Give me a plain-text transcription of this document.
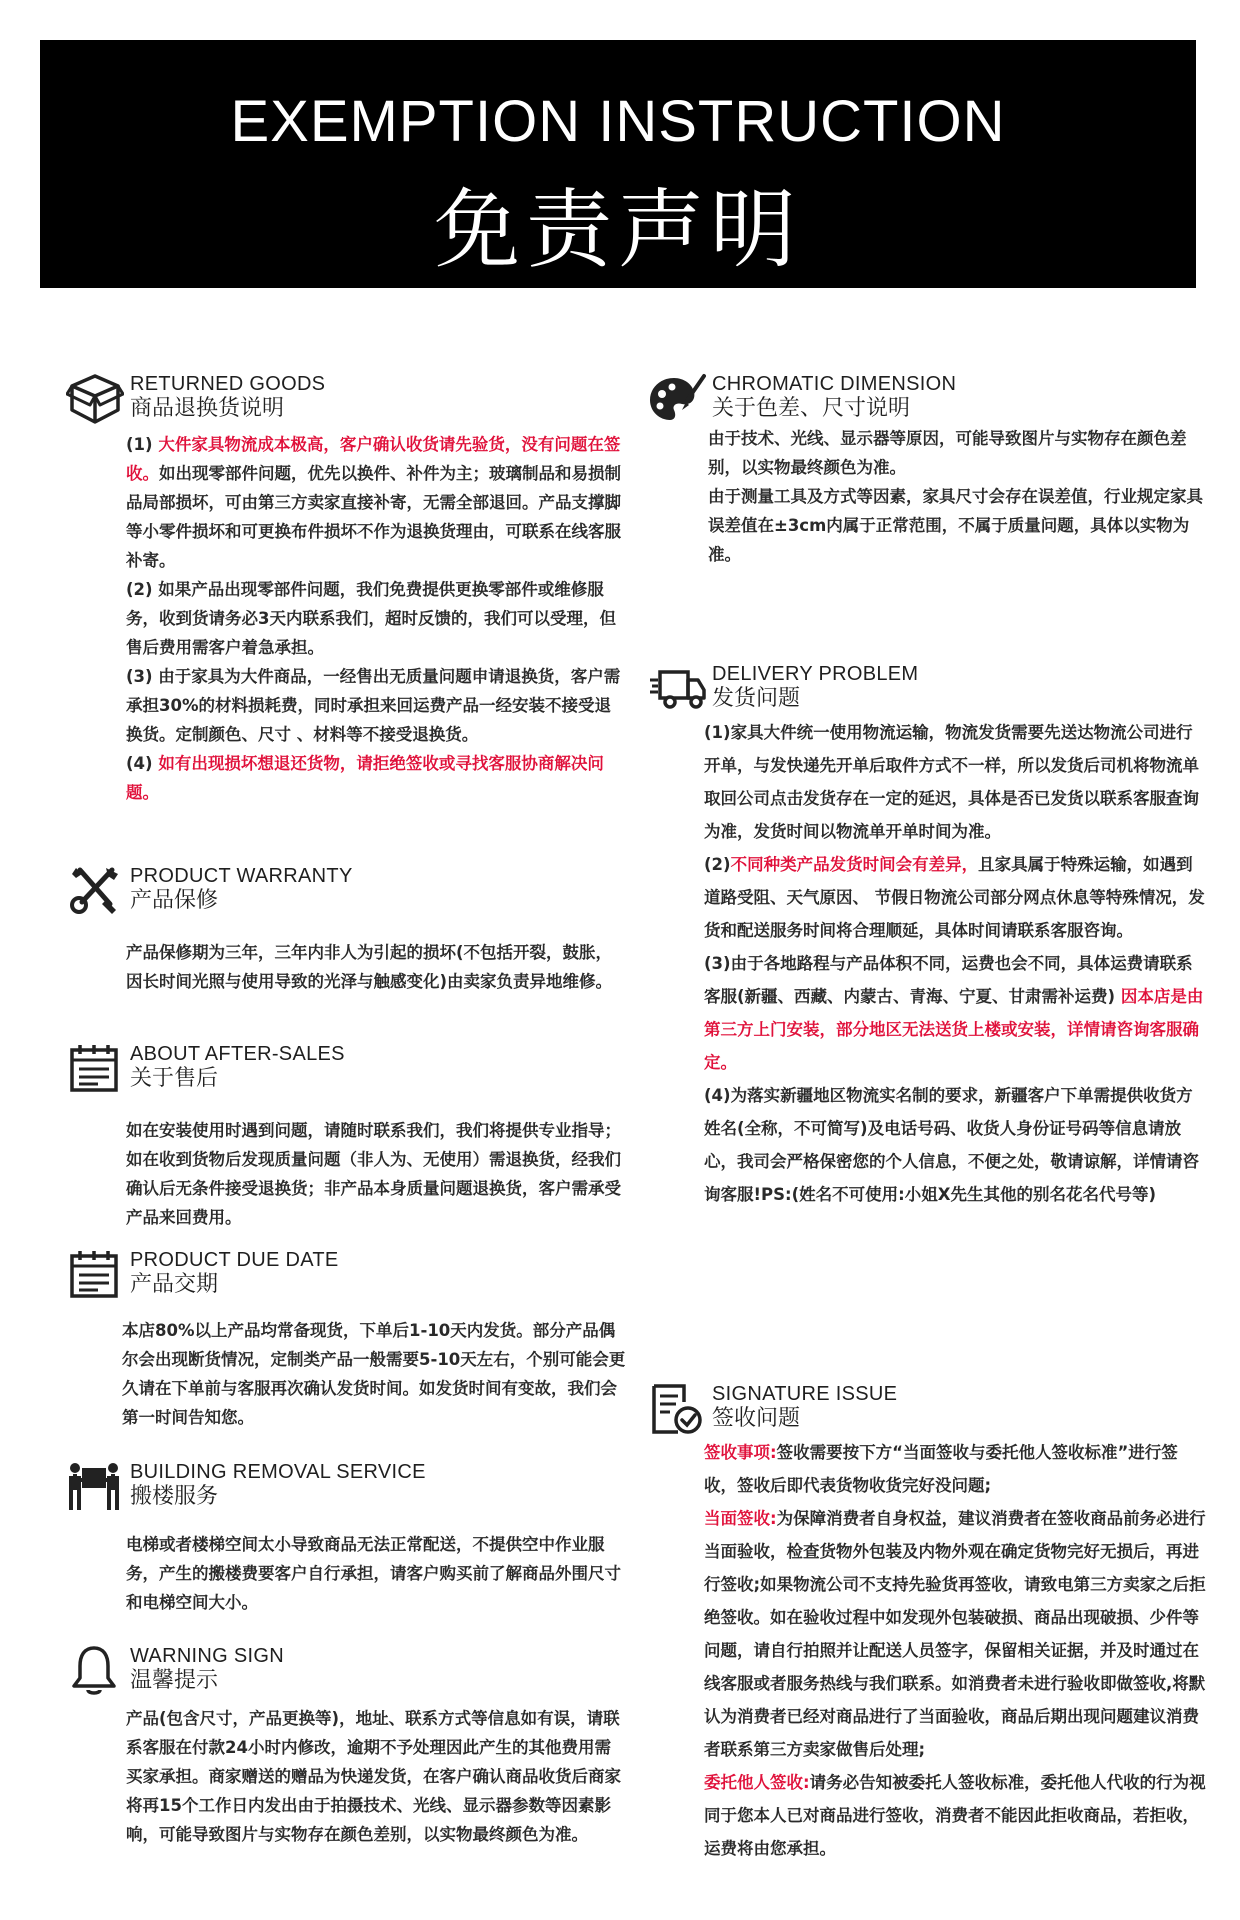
EXEMPTION INSTRUCTION
免责声明
RETURNED GOODS
商品退换货说明

(1) 大件家具物流成本极高，客户确认收货请先验货，没有问题在签收。如出现零部件问题，优先以换件、补件为主；玻璃制品和易损制品局部损坏，可由第三方卖家直接补寄，无需全部退回。产品支撑脚等小零件损坏和可更换布件损坏不作为退换货理由，可联系在线客服补寄。

(2) 如果产品出现零部件问题，我们免费提供更换零部件或维修服务，收到货请务必3天内联系我们，超时反馈的，我们可以受理，但售后费用需客户着急承担。

(3) 由于家具为大件商品，一经售出无质量问题申请退换货，客户需承担30%的材料损耗费，同时承担来回运费产品一经安装不接受退换货。定制颜色、尺寸 、材料等不接受退换货。

(4) 如有出现损坏想退还货物，请拒绝签收或寻找客服协商解决问题。

PRODUCT WARRANTY
产品保修

产品保修期为三年，三年内非人为引起的损坏(不包括开裂，鼓胀，因长时间光照与使用导致的光泽与触感变化)由卖家负责异地维修。

ABOUT AFTER-SALES
关于售后

如在安装使用时遇到问题，请随时联系我们，我们将提供专业指导；如在收到货物后发现质量问题（非人为、无使用）需退换货，经我们确认后无条件接受退换货；非产品本身质量问题退换货，客户需承受产品来回费用。

PRODUCT DUE DATE
产品交期

本店80%以上产品均常备现货，下单后1-10天内发货。部分产品偶尔会出现断货情况，定制类产品一般需要5-10天左右，个别可能会更久请在下单前与客服再次确认发货时间。如发货时间有变故，我们会第一时间告知您。

BUILDING REMOVAL SERVICE
搬楼服务

电梯或者楼梯空间太小导致商品无法正常配送，不提供空中作业服务，产生的搬楼费要客户自行承担，请客户购买前了解商品外围尺寸和电梯空间大小。

WARNING SIGN
温馨提示

产品(包含尺寸，产品更换等)，地址、联系方式等信息如有误，请联系客服在付款24小时内修改，逾期不予处理因此产生的其他费用需买家承担。商家赠送的赠品为快递发货，在客户确认商品收货后商家将再15个工作日内发出由于拍摄技术、光线、显示器参数等因素影响，可能导致图片与实物存在颜色差别，以实物最终颜色为准。

CHROMATIC DIMENSION
关于色差、尺寸说明

由于技术、光线、显示器等原因，可能导致图片与实物存在颜色差别，以实物最终颜色为准。

由于测量工具及方式等因素，家具尺寸会存在误差值，行业规定家具误差值在±3cm内属于正常范围，不属于质量问题，具体以实物为准。

DELIVERY PROBLEM
发货问题

(1)家具大件统一使用物流运输，物流发货需要先送达物流公司进行开单，与发快递先开单后取件方式不一样，所以发货后司机将物流单取回公司点击发货存在一定的延迟，具体是否已发货以联系客服查询为准，发货时间以物流单开单时间为准。

(2)不同种类产品发货时间会有差异，且家具属于特殊运输，如遇到道路受阻、天气原因、 节假日物流公司部分网点休息等特殊情况，发货和配送服务时间将合理顺延，具体时间请联系客服咨询。

(3)由于各地路程与产品体积不同，运费也会不同，具体运费请联系客服(新疆、西藏、内蒙古、青海、宁夏、甘肃需补运费) 因本店是由第三方上门安装，部分地区无法送货上楼或安装，详情请咨询客服确定。

(4)为落实新疆地区物流实名制的要求，新疆客户下单需提供收货方姓名(全称，不可简写)及电话号码、收货人身份证号码等信息请放心，我司会严格保密您的个人信息，不便之处，敬请谅解，详情请咨询客服!PS:(姓名不可使用:小姐X先生其他的别名花名代号等)

SIGNATURE ISSUE
签收问题

签收事项:签收需要按下方“当面签收与委托他人签收标准”进行签收，签收后即代表货物收货完好没问题;

当面签收:为保障消费者自身权益，建议消费者在签收商品前务必进行当面验收，检查货物外包装及内物外观在确定货物完好无损后，再进行签收;如果物流公司不支持先验货再签收，请致电第三方卖家之后拒绝签收。如在验收过程中如发现外包装破损、商品出现破损、少件等问题，请自行拍照并让配送人员签字，保留相关证据，并及时通过在线客服或者服务热线与我们联系。如消费者未进行验收即做签收,将默认为消费者已经对商品进行了当面验收，商品后期出现问题建议消费者联系第三方卖家做售后处理;

委托他人签收:请务必告知被委托人签收标准，委托他人代收的行为视同于您本人已对商品进行签收，消费者不能因此拒收商品，若拒收，运费将由您承担。
